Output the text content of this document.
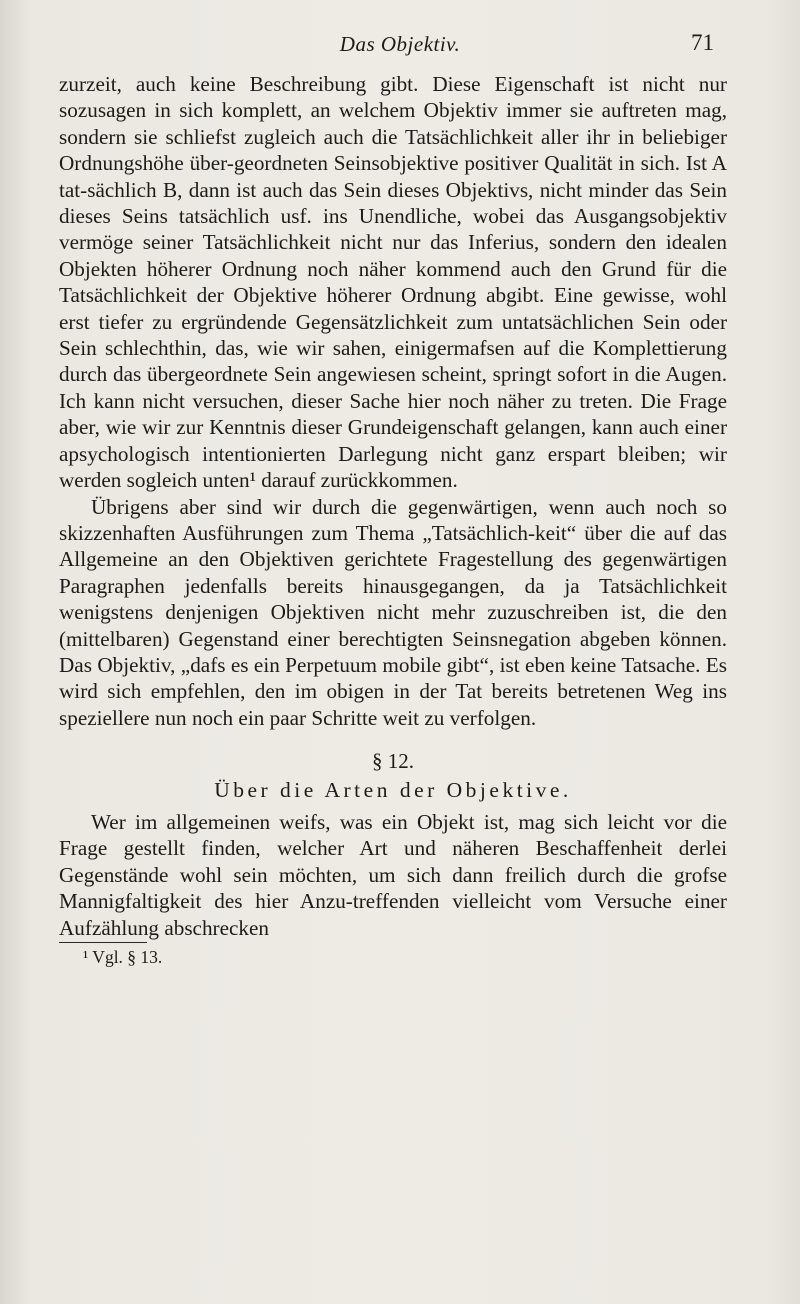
Das Objektiv.	71

zurzeit, auch keine Beschreibung gibt. Diese Eigenschaft ist nicht nur sozusagen in sich komplett, an welchem Objektiv immer sie auftreten mag, sondern sie schliefst zugleich auch die Tatsächlichkeit aller ihr in beliebiger Ordnungshöhe über-geordneten Seinsobjektive positiver Qualität in sich. Ist A tat-sächlich B, dann ist auch das Sein dieses Objektivs, nicht minder das Sein dieses Seins tatsächlich usf. ins Unendliche, wobei das Ausgangsobjektiv vermöge seiner Tatsächlichkeit nicht nur das Inferius, sondern den idealen Objekten höherer Ordnung noch näher kommend auch den Grund für die Tatsächlichkeit der Objektive höherer Ordnung abgibt. Eine gewisse, wohl erst tiefer zu ergründende Gegensätzlichkeit zum untatsächlichen Sein oder Sein schlechthin, das, wie wir sahen, einigermafsen auf die Komplettierung durch das übergeordnete Sein angewiesen scheint, springt sofort in die Augen. Ich kann nicht versuchen, dieser Sache hier noch näher zu treten. Die Frage aber, wie wir zur Kenntnis dieser Grundeigenschaft gelangen, kann auch einer apsychologisch intentionierten Darlegung nicht ganz erspart bleiben; wir werden sogleich unten¹ darauf zurückkommen.

Übrigens aber sind wir durch die gegenwärtigen, wenn auch noch so skizzenhaften Ausführungen zum Thema „Tatsächlich-keit“ über die auf das Allgemeine an den Objektiven gerichtete Fragestellung des gegenwärtigen Paragraphen jedenfalls bereits hinausgegangen, da ja Tatsächlichkeit wenigstens denjenigen Objektiven nicht mehr zuzuschreiben ist, die den (mittelbaren) Gegenstand einer berechtigten Seinsnegation abgeben können. Das Objektiv, „dafs es ein Perpetuum mobile gibt“, ist eben keine Tatsache. Es wird sich empfehlen, den im obigen in der Tat bereits betretenen Weg ins speziellere nun noch ein paar Schritte weit zu verfolgen.

§ 12.

Über die Arten der Objektive.

Wer im allgemeinen weifs, was ein Objekt ist, mag sich leicht vor die Frage gestellt finden, welcher Art und näheren Beschaffenheit derlei Gegenstände wohl sein möchten, um sich dann freilich durch die grofse Mannigfaltigkeit des hier Anzu-treffenden vielleicht vom Versuche einer Aufzählung abschrecken

¹ Vgl. § 13.
